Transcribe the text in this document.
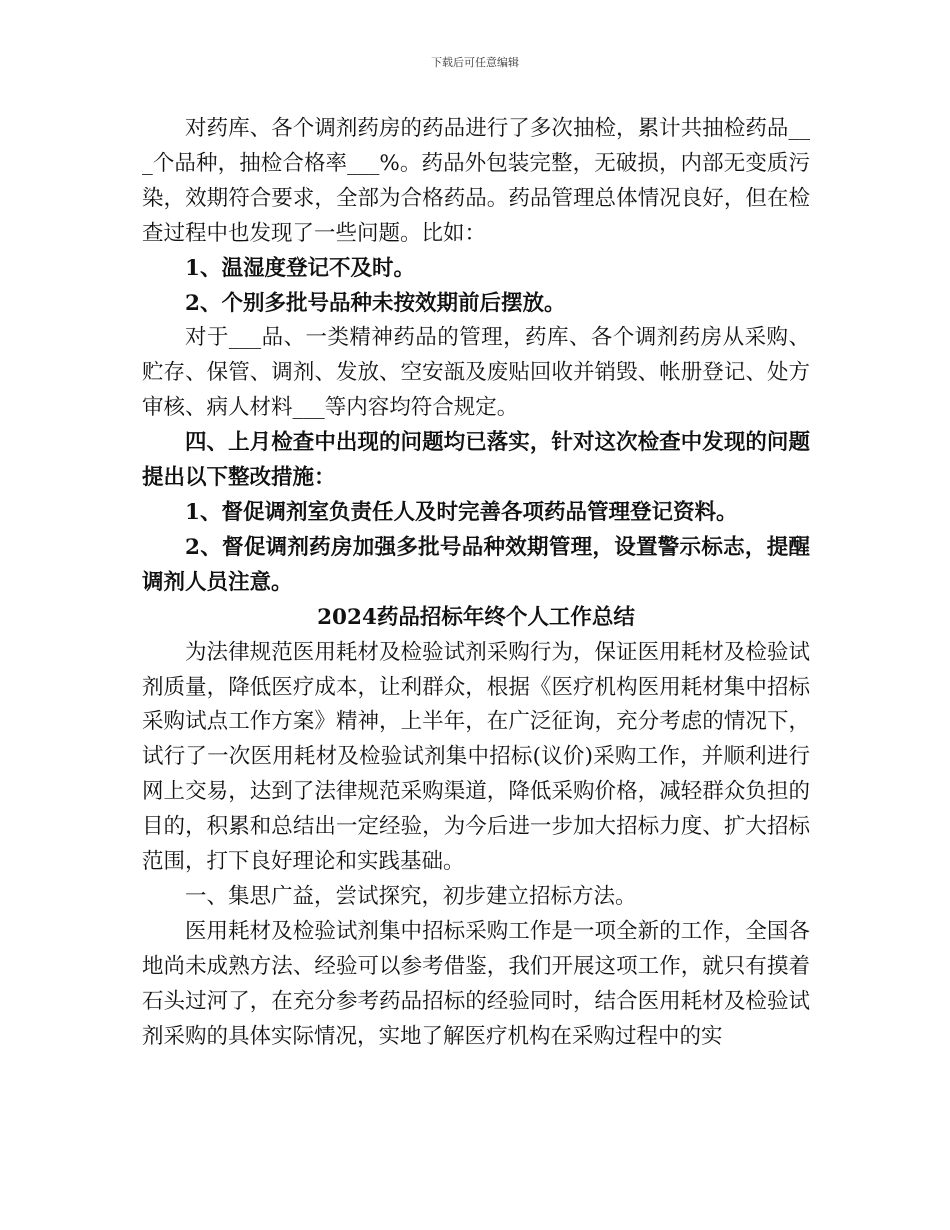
下载后可任意编辑

对药库、各个调剂药房的药品进行了多次抽检，累计共抽检药品___个品种，抽检合格率___%。药品外包装完整，无破损，内部无变质污染，效期符合要求，全部为合格药品。药品管理总体情况良好，但在检查过程中也发现了一些问题。比如：

1、温湿度登记不及时。

2、个别多批号品种未按效期前后摆放。

对于___品、一类精神药品的管理，药库、各个调剂药房从采购、贮存、保管、调剂、发放、空安瓿及废贴回收并销毁、帐册登记、处方审核、病人材料___等内容均符合规定。

四、上月检查中出现的问题均已落实，针对这次检查中发现的问题提出以下整改措施：

1、督促调剂室负责任人及时完善各项药品管理登记资料。

2、督促调剂药房加强多批号品种效期管理，设置警示标志，提醒调剂人员注意。

2024药品招标年终个人工作总结

为法律规范医用耗材及检验试剂采购行为，保证医用耗材及检验试剂质量，降低医疗成本，让利群众，根据《医疗机构医用耗材集中招标采购试点工作方案》精神，上半年，在广泛征询，充分考虑的情况下，试行了一次医用耗材及检验试剂集中招标(议价)采购工作，并顺利进行网上交易，达到了法律规范采购渠道，降低采购价格，减轻群众负担的目的，积累和总结出一定经验，为今后进一步加大招标力度、扩大招标范围，打下良好理论和实践基础。

一、集思广益，尝试探究，初步建立招标方法。

医用耗材及检验试剂集中招标采购工作是一项全新的工作，全国各地尚未成熟方法、经验可以参考借鉴，我们开展这项工作，就只有摸着石头过河了，在充分参考药品招标的经验同时，结合医用耗材及检验试剂采购的具体实际情况，实地了解医疗机构在采购过程中的实
